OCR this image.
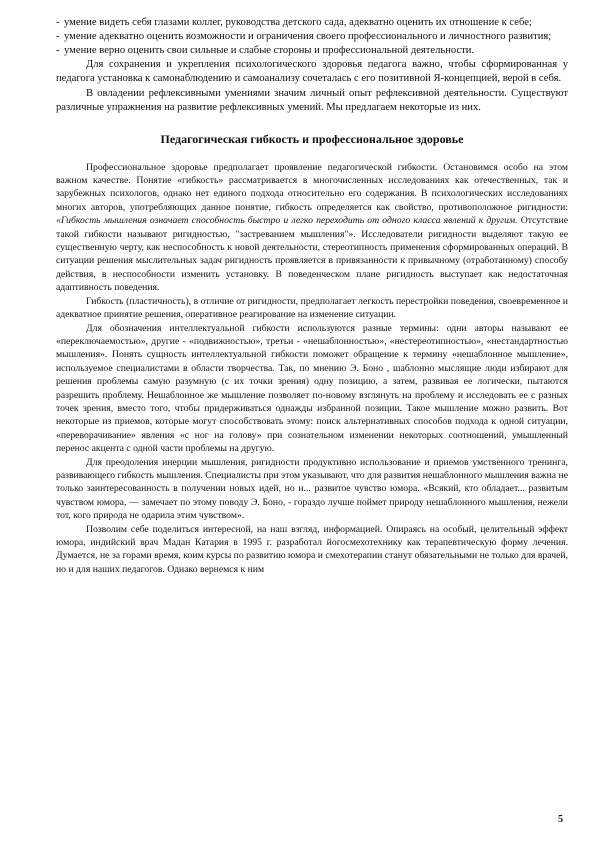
- умение видеть себя глазами коллег, руководства детского сада, адекватно оценить их отношение к себе;
- умение адекватно оценить возможности и ограничения своего профессионального и личностного развития;
- умение верно оценить свои сильные и слабые стороны и профессиональной деятельности.

Для сохранения и укрепления психологического здоровья педагога важно, чтобы сформированная у педагога установка к самонаблюдению и самоанализу сочеталась с его позитивной Я-концепцией, верой в себя.

В овладении рефлексивными умениями значим личный опыт рефлексивной деятельности. Существуют различные упражнения на развитие рефлексивных умений. Мы предлагаем некоторые из них.

Педагогическая гибкость и профессиональное здоровье

Профессиональное здоровье предполагает проявление педагогической гибкости. Остановимся особо на этом важном качестве. Понятие «гибкость» рассматривается в многочисленных исследованиях как отечественных, так и зарубежных психологов, однако нет единого подхода относительно его содержания. В психологических исследованиях многих авторов, употребляющих данное понятие, гибкость определяется как свойство, противоположное ригидности: «Гибкость мышления означает способность быстро и легко переходить от одного класса явлений к другим. Отсутствие такой гибкости называют ригидностью, "застреванием мышления"». Исследователи ригидности выделяют такую ее существенную черту, как неспособность к новой деятельности, стереотипность применения сформированных операций. В ситуации решения мыслительных задач ригидность проявляется в привязанности к привычному (отработанному) способу действия, в неспособности изменить установку. В поведенческом плане ригидность выступает как недостаточная адаптивность поведения.

Гибкость (пластичность), в отличие от ригидности, предполагает легкость перестройки поведения, своевременное и адекватное принятие решения, оперативное реагирование на изменение ситуации.

Для обозначения интеллектуальной гибкости используются разные термины: одни авторы называют ее «переключаемостью», другие - «подвижностью», третьи - «нешаблонностью», «нестереотипностью», «нестандартностью мышления». Понять сущность интеллектуальной гибкости поможет обращение к термину «нешаблонное мышление», используемое специалистами в области творчества. Так, по мнению Э. Боно , шаблонно мыслящие люди избирают для решения проблемы самую разумную (с их точки зрения) одну позицию, а затем, развивая ее логически, пытаются разрешить проблему. Нешаблонное же мышление позволяет по-новому взглянуть на проблему и исследовать ее с разных точек зрения, вместо того, чтобы придерживаться однажды избранной позиции. Такое мышление можно развить. Вот некоторые из приемов, которые могут способствовать этому: поиск альтернативных способов подхода к одной ситуации, «переворачивание» явления «с ног на голову» при сознательном изменении некоторых соотношений, умышленный перенос акцента с одной части проблемы на другую.

Для преодоления инерции мышления, ригидности продуктивно использование и приемов умственного тренинга, развивающего гибкость мышления. Специалисты при этом указывают, что для развития нешаблонного мышления важна не только заинтересованность в получении новых идей, но и... развитое чувство юмора. «Всякий, кто обладает... развитым чувством юмора, — замечает по этому поводу Э. Боно, - гораздо лучше поймет природу нешаблонного мышления, нежели тот, кого природа не одарила этим чувством».

Позволим себе поделиться интересной, на наш взгляд, информацией. Опираясь на особый, целительный эффект юмора, индийский врач Мадан Катария в 1995 г. разработал йогосмехотехнику как терапевтическую форму лечения. Думается, не за горами время, коим курсы по развитию юмора и смехотерапии станут обязательными не только для врачей, но и для наших педагогов. Однако вернемся к ним

5
